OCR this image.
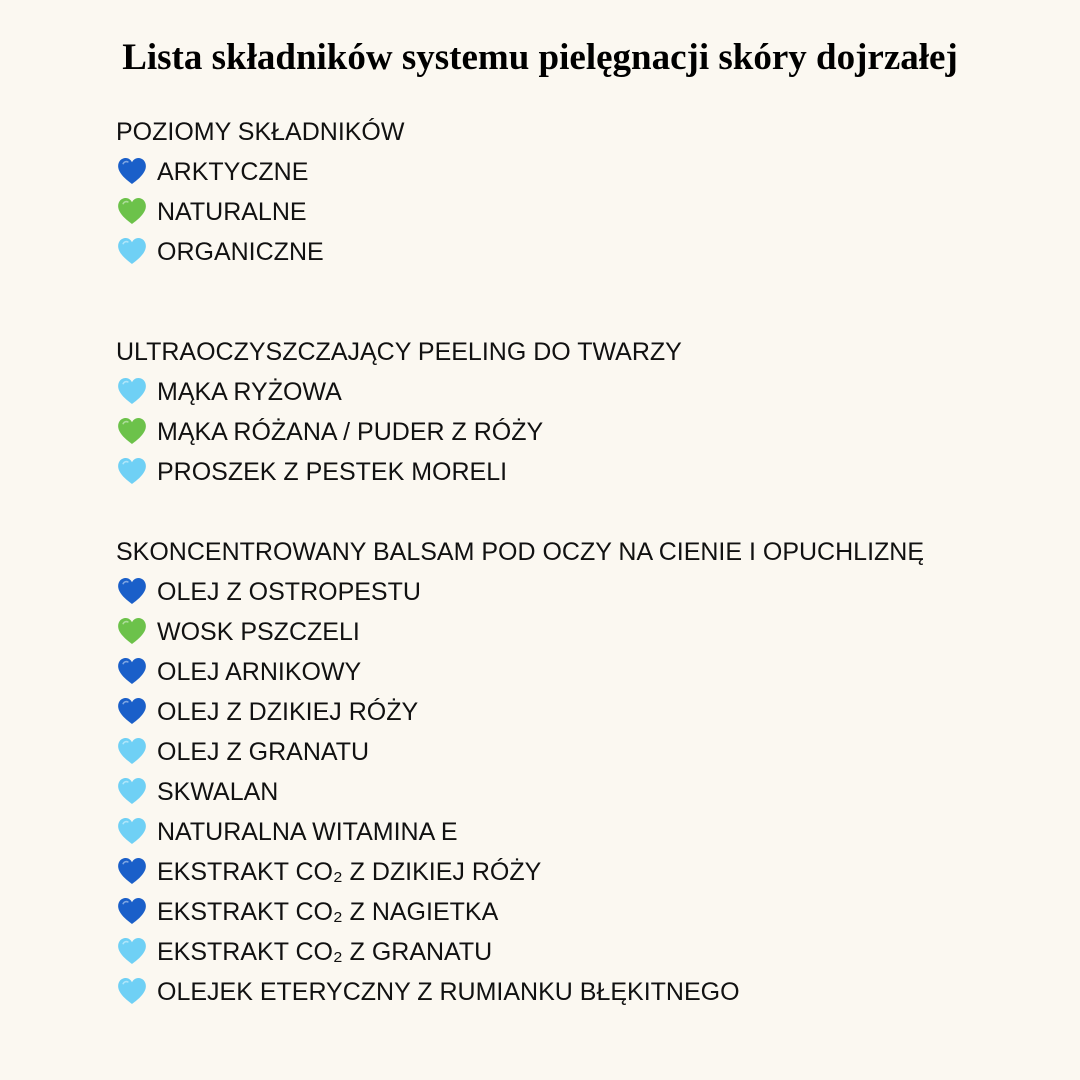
Lista składników systemu pielęgnacji skóry dojrzałej
POZIOMY SKŁADNIKÓW
ARKTYCZNE
NATURALNE
ORGANICZNE
ULTRAOCZYSZCZAJĄCY PEELING DO TWARZY
MĄKA RYŻOWA
MĄKA RÓŻANA / PUDER Z RÓŻY
PROSZEK Z PESTEK MORELI
SKONCENTROWANY BALSAM POD OCZY NA CIENIE I OPUCHLIZNĘ
OLEJ Z OSTROPESTU
WOSK PSZCZELI
OLEJ ARNIKOWY
OLEJ Z DZIKIEJ RÓŻY
OLEJ Z GRANATU
SKWALAN
NATURALNA WITAMINA E
EKSTRAKT CO₂ Z DZIKIEJ RÓŻY
EKSTRAKT CO₂ Z NAGIETKA
EKSTRAKT CO₂ Z GRANATU
OLEJEK ETERYCZNY Z RUMIANKU BŁĘKITNEGO
